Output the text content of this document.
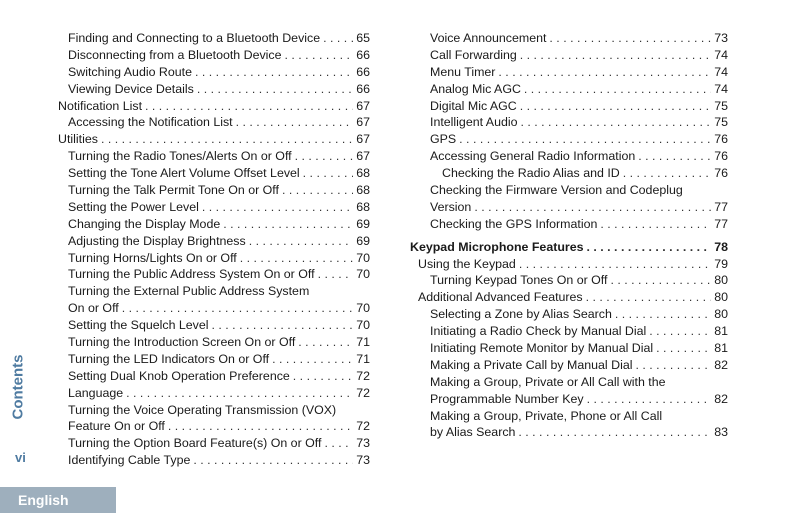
Finding and Connecting to a Bluetooth Device . . .	65
Disconnecting from a Bluetooth Device . . .	66
Switching Audio Route . . .	66
Viewing Device Details . . .	66
Notification List . . .	67
Accessing the Notification List . . .	67
Utilities . . .	67
Turning the Radio Tones/Alerts On or Off . . .	67
Setting the Tone Alert Volume Offset Level . . .	68
Turning the Talk Permit Tone On or Off . . .	68
Setting the Power Level . . .	68
Changing the Display Mode . . .	69
Adjusting the Display Brightness . . .	69
Turning Horns/Lights On or Off . . .	70
Turning the Public Address System On or Off . . .	70
Turning the External Public Address System
On or Off . . .	70
Setting the Squelch Level . . .	70
Turning the Introduction Screen On or Off . . .	71
Turning the LED Indicators On or Off . . .	71
Setting Dual Knob Operation Preference . . .	72
Language . . .	72
Turning the Voice Operating Transmission (VOX)
Feature On or Off . . .	72
Turning the Option Board Feature(s) On or Off . . .	73
Identifying Cable Type . . .	73
Voice Announcement . . .	73
Call Forwarding . . .	74
Menu Timer . . .	74
Analog Mic AGC . . .	74
Digital Mic AGC . . .	75
Intelligent Audio . . .	75
GPS . . .	76
Accessing General Radio Information . . .	76
Checking the Radio Alias and ID . . .	76
Checking the Firmware Version and Codeplug
Version . . .	77
Checking the GPS Information . . .	77
Keypad Microphone Features . . .	78
Using the Keypad . . .	79
Turning Keypad Tones On or Off . . .	80
Additional Advanced Features . . .	80
Selecting a Zone by Alias Search . . .	80
Initiating a Radio Check by Manual Dial . . .	81
Initiating Remote Monitor by Manual Dial . . .	81
Making a Private Call by Manual Dial . . .	82
Making a Group, Private or All Call with the
Programmable Number Key . . .	82
Making a Group, Private, Phone or All Call
by Alias Search . . .	83
Contents
vi
English
